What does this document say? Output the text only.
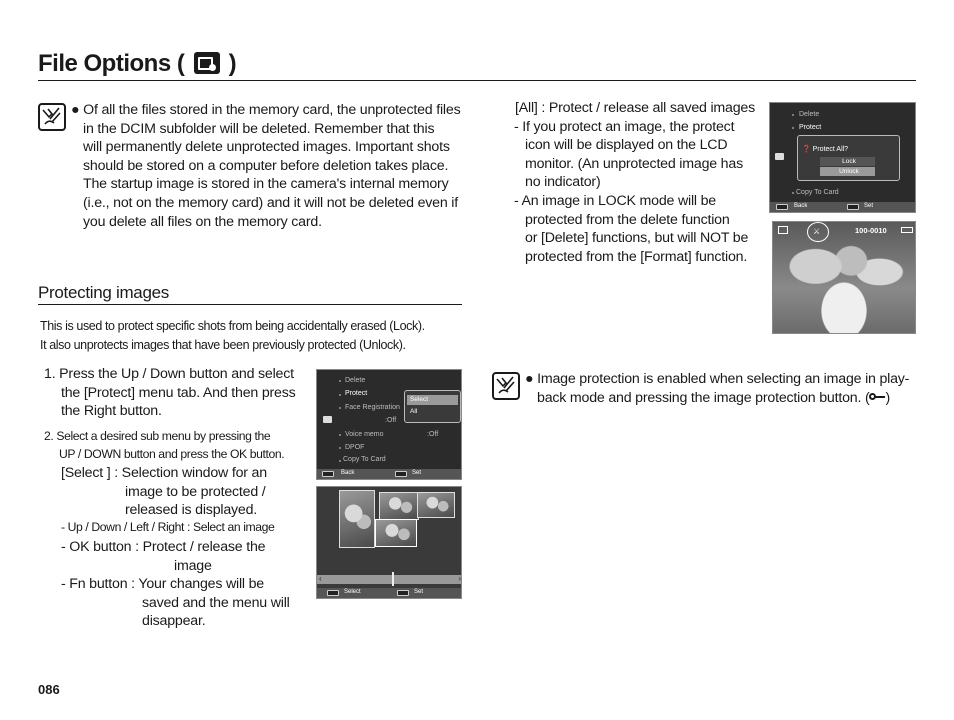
File Options ( )
● Of all the files stored in the memory card, the unprotected files
in the DCIM subfolder will be deleted. Remember that this
will permanently delete unprotected images. Important shots
should be stored on a computer before deletion takes place.
The startup image is stored in the camera's internal memory
(i.e., not on the memory card) and it will not be deleted even if
you delete all files on the memory card.
Protecting images
This is used to protect specific shots from being accidentally erased (Lock).
It also unprotects images that have been previously protected (Unlock).
1. Press the Up / Down button and select
the [Protect] menu tab. And then press
the Right button.
2. Select a desired sub menu by pressing the
UP / DOWN button and press the OK button.
[Select ] : Selection window for an
image to be protected /
released is displayed.
- Up / Down / Left / Right : Select an image
- OK button : Protect / release the
image
- Fn button : Your changes will be
saved and the menu will
disappear.
Delete
Protect
Face Registration
:Off
Voice memo	:Off
DPOF
Copy To Card
Select
All
Back	Set
‹	›
Select	Set
[All] : Protect / release all saved images
- If you protect an image, the protect
icon will be displayed on the LCD
monitor. (An unprotected image has
no indicator)
- An image in LOCK mode will be
protected from the delete function
or [Delete] functions, but will NOT be
protected from the [Format] function.
Delete
Protect
Copy To Card
❓ Protect All?
Lock
Unlock
Back	Set
⚔	100-0010
● Image protection is enabled when selecting an image in play-
back mode and pressing the image protection button. ( )
086
